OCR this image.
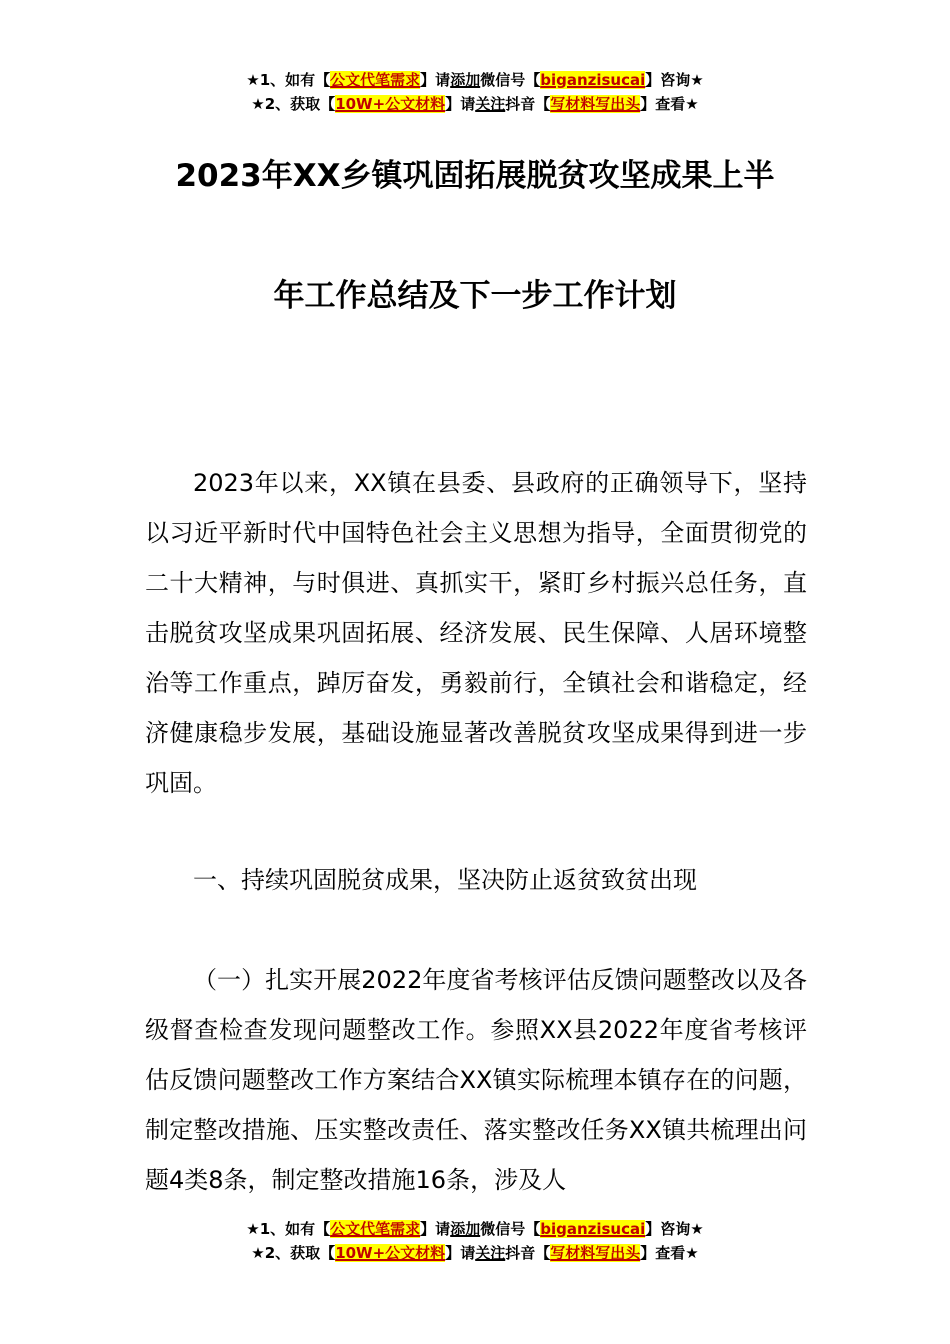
★1、如有【公文代笔需求】请添加微信号【biganzisucai】咨询★
★2、获取【10W+公文材料】请关注抖音【写材料写出头】查看★
2023年XX乡镇巩固拓展脱贫攻坚成果上半
年工作总结及下一步工作计划

2023年以来，XX镇在县委、县政府的正确领导下，坚持以习近平新时代中国特色社会主义思想为指导，全面贯彻党的二十大精神，与时俱进、真抓实干，紧盯乡村振兴总任务，直击脱贫攻坚成果巩固拓展、经济发展、民生保障、人居环境整治等工作重点，踔厉奋发，勇毅前行，全镇社会和谐稳定，经济健康稳步发展，基础设施显著改善脱贫攻坚成果得到进一步巩固。

一、持续巩固脱贫成果，坚决防止返贫致贫出现

（一）扎实开展2022年度省考核评估反馈问题整改以及各级督查检查发现问题整改工作。参照XX县2022年度省考核评估反馈问题整改工作方案结合XX镇实际梳理本镇存在的问题，制定整改措施、压实整改责任、落实整改任务XX镇共梳理出问题4类8条，制定整改措施16条，涉及人

★1、如有【公文代笔需求】请添加微信号【biganzisucai】咨询★
★2、获取【10W+公文材料】请关注抖音【写材料写出头】查看★
